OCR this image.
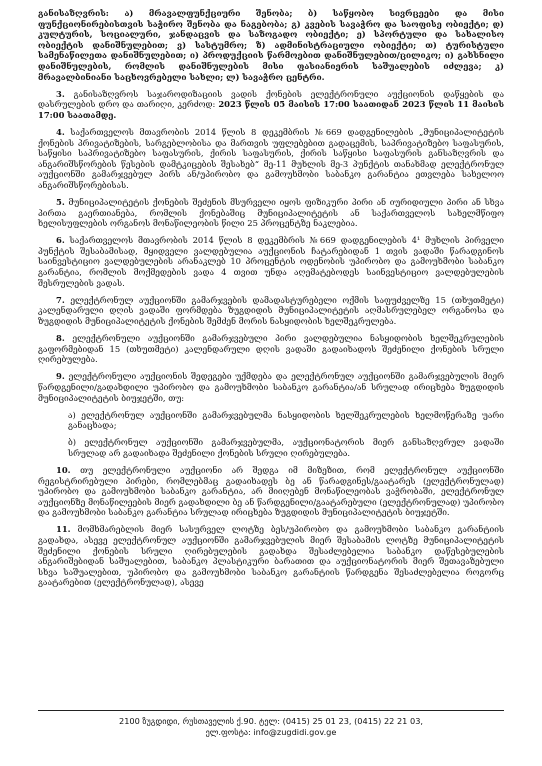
განისაზღვრის: ა) მრავალფუნქციური შენობა; ბ) საწყობო სივრცეები და მისი ფუნქციონირებისთვის საჭირო შენობა და ნაგებობა; გ) კვების სავაჭრო და საოფისე ობიექტი; დ) კულტურის, სოციალური, ჯანდაცვის და საზოგადო ობიექტი; ე) სპორტული და სახალისო ობიექტის დანიშნულებით; ვ) სასტუმრო; ზ) ადმინისტრაციული ობიექტი; თ) ტურისტული სამენაწილეთა დანიშნულებით; ი) პროდუქციის წარმოებით დანიშნულებით/ცილიკო; ი) გახსნილი დანიშნულების, რომლის დანიშნულების მისი ფასიანიერის საშუალების იძლევა; კ) მრავალბინიანი საცხოვრებელი სახლი; ლ) სავაჭრო ცენტრი.

3. განისაზღვროს საჯაროდიზაციის ვადის ქონების ელექტრონული აუქციონის დაწყების და დასრულების დრო და თარიღი, კერძოდ: 2023 წლის 05 მაისის 17:00 საათიდან 2023 წლის 11 მაისის 17:00 საათამდე.

4. საქართველოს მთავრობის 2014 წლის 8 დეკემბრის №669 დადგენილების „მუნიციპალიტეტის ქონების პრივატიზების, სარგებლობისა და მართვის უფლებებით გადაცემის, საპრივატიზებო საფასურის, საწყისი საპრივატიზებო საფასურის, ქირის საფასურის, ქირის საწყისი საფასურის განსაზღვრის და ანგარიშსწორების წესების დამტკიცების შესახებ“ მე-11 მუხლის მე-3 პუნქტის თანახმად ელექტრონულ აუქციონში გამარჯვებულ პირს ან/უპირობო და გამოუხმობი საბანკო გარანტია ეთვლება სახელოო ანგარიშსწორებისას.

5. მუნიციპალიტეტის ქონების შეძენის მსურველი იყოს ფიზიკური პირი ან იურიდიული პირი ან სხვა პირთა გაერთიანება, რომლის ქონებაშიც მუნიციპალიტეტის ან საქართველოს სახელმწიფო ხელისუფლების ორგანოს მონაწილეობის წილი 25 პროცენტზე ნაკლებია.

6. საქართველოს მთავრობის 2014 წლის 8 დეკემბრის №669 დადგენილების 4¹ მუხლის პირველი პუნქტის შესაბამისად, მყიდველი ვალდებულია აუქციონის ჩატარებიდან 1 თვის ვადაში წარადგინოს საინვესტიციო ვალდებულების არანაკლებ 10 პროცენტის ოდენობის უპირობო და გამოუხმობი საბანკო გარანტია, რომლის მოქმედების ვადა 4 თვით უნდა აღემატებოდეს საინვესტიციო ვალდებულების შესრულების ვადას.

7. ელექტრონულ აუქციონში გამარჯვების დამადასტურებელი ოქმის საფუძველზე 15 (თხუთმეტი) კალენდარული დღის ვადაში ფორმდება ზუგდიდის მუნიციპალიტეტის აღმასრულებელ ორგანოსა და ზუგდიდის მუნიციპალიტეტის ქონების შემძენ მორის ნასყიდობის ხელშეკრულება.

8. ელექტრონული აუქციონში გამარჯვებული პირი ვალდებულია ნასყიდობის ხელშეკრულების გაფორმებიდან 15 (თხუთმეტი) კალენდარული დღის ვადაში გადაიხადოს შეძენილი ქონების სრული ღირებულება.

9. ელექტრონული აუქციონის შედეგები უქმდება და ელექტრონულ აუქციონში გამარჯვებულის მიერ წარდგენილი/გადახდილი უპირობო და გამოუხმობი საბანკო გარანტია/ან სრულად ირიცხება ზუგდიდის მუნიციპალიტეტის ბიუჯეტში, თუ:

ა) ელექტრონულ აუქციონში გამარჯვებულმა ნასყიდობის ხელშეკრულების ხელმოწერაზე უარი განაცხადა;

ბ) ელექტრონულ აუქციონში გამარჯვებულმა, აუქციონატორის მიერ განსაზღვრულ ვადაში სრულად არ გადაიხადა შეძენილი ქონების სრული ღირებულება.

10. თუ ელექტრონული აუქციონი არ შედგა იმ მიზეზით, რომ ელექტრონულ აუქციონში რეგისტრირებული პირები, რომლებმაც გადაიხადეს ბე ან წარადგინეს/გაატარეს (ელექტრონულად) უპირობო და გამოუხმობი საბანკო გარანტია, არ მიიღებენ მონაწილეობას ვაჭრობაში, ელექტრონულ აუქციონზე მონაწილეების მიერ გადახდილი ბე ან წარდგენილი/გაატარებული (ელექტრონულად) უპირობო და გამოუხმობი საბანკო გარანტია სრულად ირიცხება ზუგდიდის მუნიციპალიტეტის ბიუჯეტში.

11. მომხმარებლის მიერ სასურველ ლოტზე ბეს/უპირობო და გამოუხმობი საბანკო გარანტიის გადახდა, ასევე ელექტრონულ აუქციონში გამარჯვებულის მიერ შესაბამის ლოტზე მუნიციპალიტეტის შეძენილი ქონების სრული ღირებულების გადახდა შესაძლებელია საბანკო დაწესებულების ანგარიშებიდან საშუალებით, საბანკო პლასტიკური ბარათით და აუქციონატორის მიერ შეთავაზებული სხვა საშუალებით, უპირობო და გამოუხმობი საბანკო გარანტიის წარდგენა შესაძლებელია როგორც გაატარებით (ელექტრონულად), ასევე

2100 ზუგდიდი, რუსთაველის ქ.90. ტელ: (0415) 25 01 23, (0415) 22 21 03,
ელ.ფოსტა: info@zugdidi.gov.ge
